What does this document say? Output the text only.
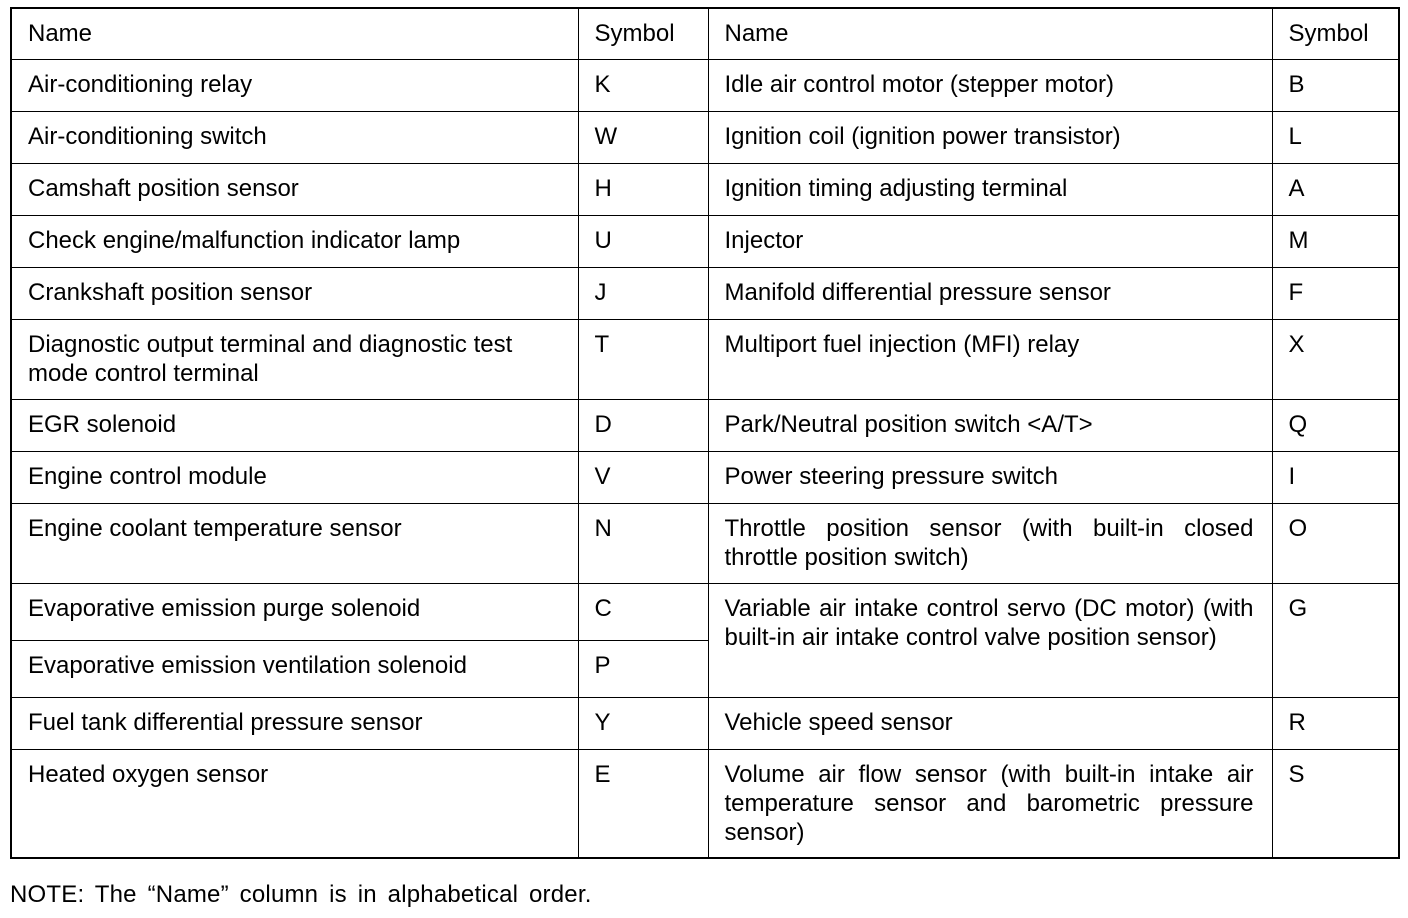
Name	Symbol	Name	Symbol
Air-conditioning relay	K	Idle air control motor (stepper motor)	B
Air-conditioning switch	W	Ignition coil (ignition power transistor)	L
Camshaft position sensor	H	Ignition timing adjusting terminal	A
Check engine/malfunction indicator lamp	U	Injector	M
Crankshaft position sensor	J	Manifold differential pressure sensor	F
Diagnostic output terminal and diagnostic test mode control terminal	T	Multiport fuel injection (MFI) relay	X
EGR solenoid	D	Park/Neutral position switch <A/T>	Q
Engine control module	V	Power steering pressure switch	I
Engine coolant temperature sensor	N	Throttle position sensor (with built-in closed throttle position switch)	O
Evaporative emission purge solenoid	C	Variable air intake control servo (DC motor) (with built-in air intake control valve position sensor)	G
Evaporative emission ventilation solenoid	P		
Fuel tank differential pressure sensor	Y	Vehicle speed sensor	R
Heated oxygen sensor	E	Volume air flow sensor (with built-in intake air temperature sensor and barometric pressure sensor)	S
NOTE: The “Name” column is in alphabetical order.
